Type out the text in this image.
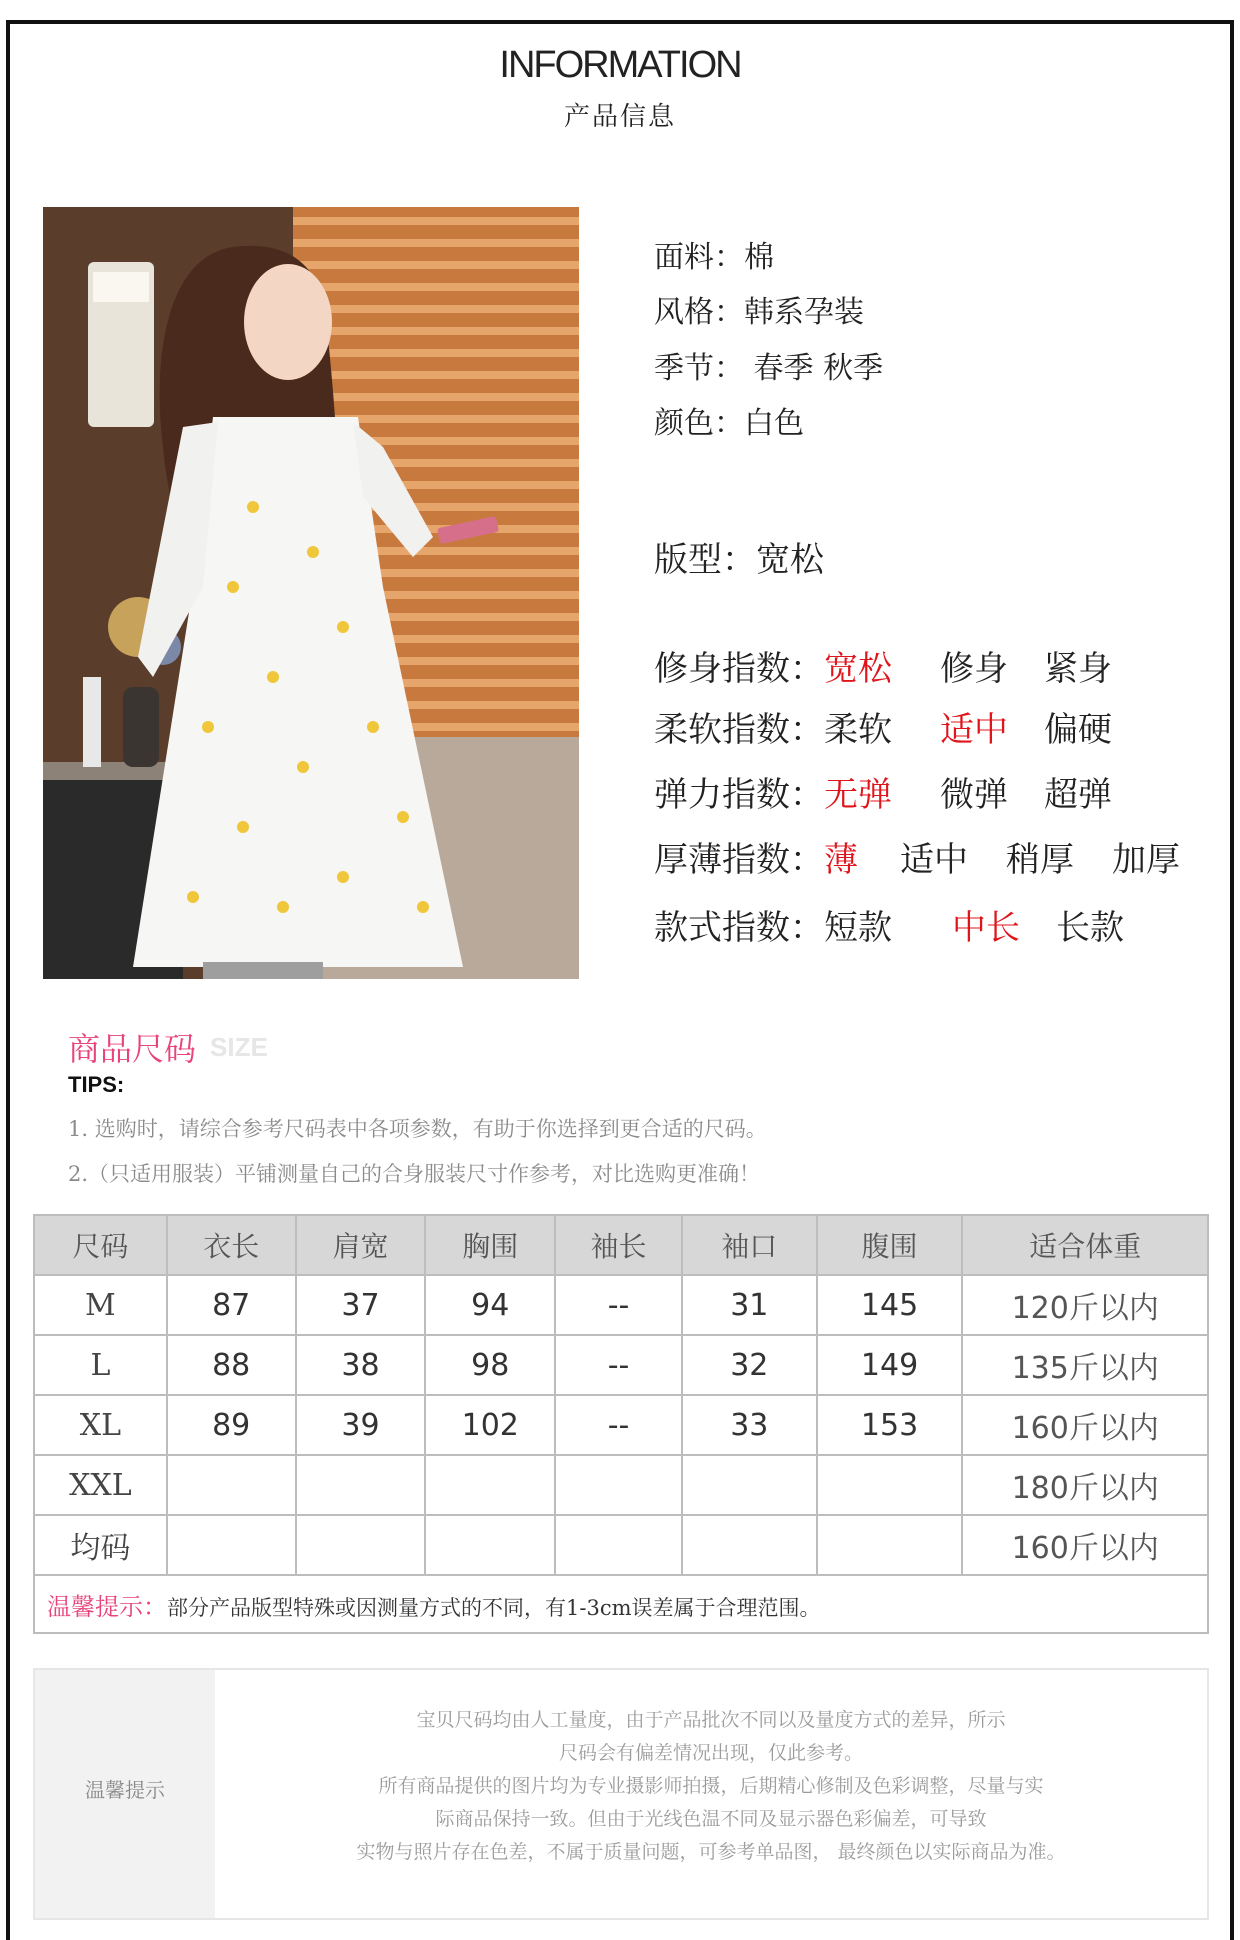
INFORMATION
产品信息
面料：棉
风格：韩系孕装
季节： 春季 秋季
颜色：白色
版型：宽松
修身指数：宽松 修身 紧身
柔软指数：柔软 适中 偏硬
弹力指数：无弹 微弹 超弹
厚薄指数：薄 适中 稍厚 加厚
款式指数：短款 中长 长款
商品尺码 SIZE
TIPS:
1. 选购时，请综合参考尺码表中各项参数，有助于你选择到更合适的尺码。
2.（只适用服装）平铺测量自己的合身服装尺寸作参考，对比选购更准确！
尺码	衣长	肩宽	胸围	袖长	袖口	腹围	适合体重
M	87	37	94	--	31	145	120斤以内
L	88	38	98	--	32	149	135斤以内
XL	89	39	102	--	33	153	160斤以内
XXL							180斤以内
均码							160斤以内
温馨提示：部分产品版型特殊或因测量方式的不同，有1-3cm误差属于合理范围。							
温馨提示
宝贝尺码均由人工量度，由于产品批次不同以及量度方式的差异，所示
尺码会有偏差情况出现，仅此参考。
所有商品提供的图片均为专业摄影师拍摄，后期精心修制及色彩调整，尽量与实
际商品保持一致。但由于光线色温不同及显示器色彩偏差，可导致
实物与照片存在色差，不属于质量问题，可参考单品图， 最终颜色以实际商品为准。
